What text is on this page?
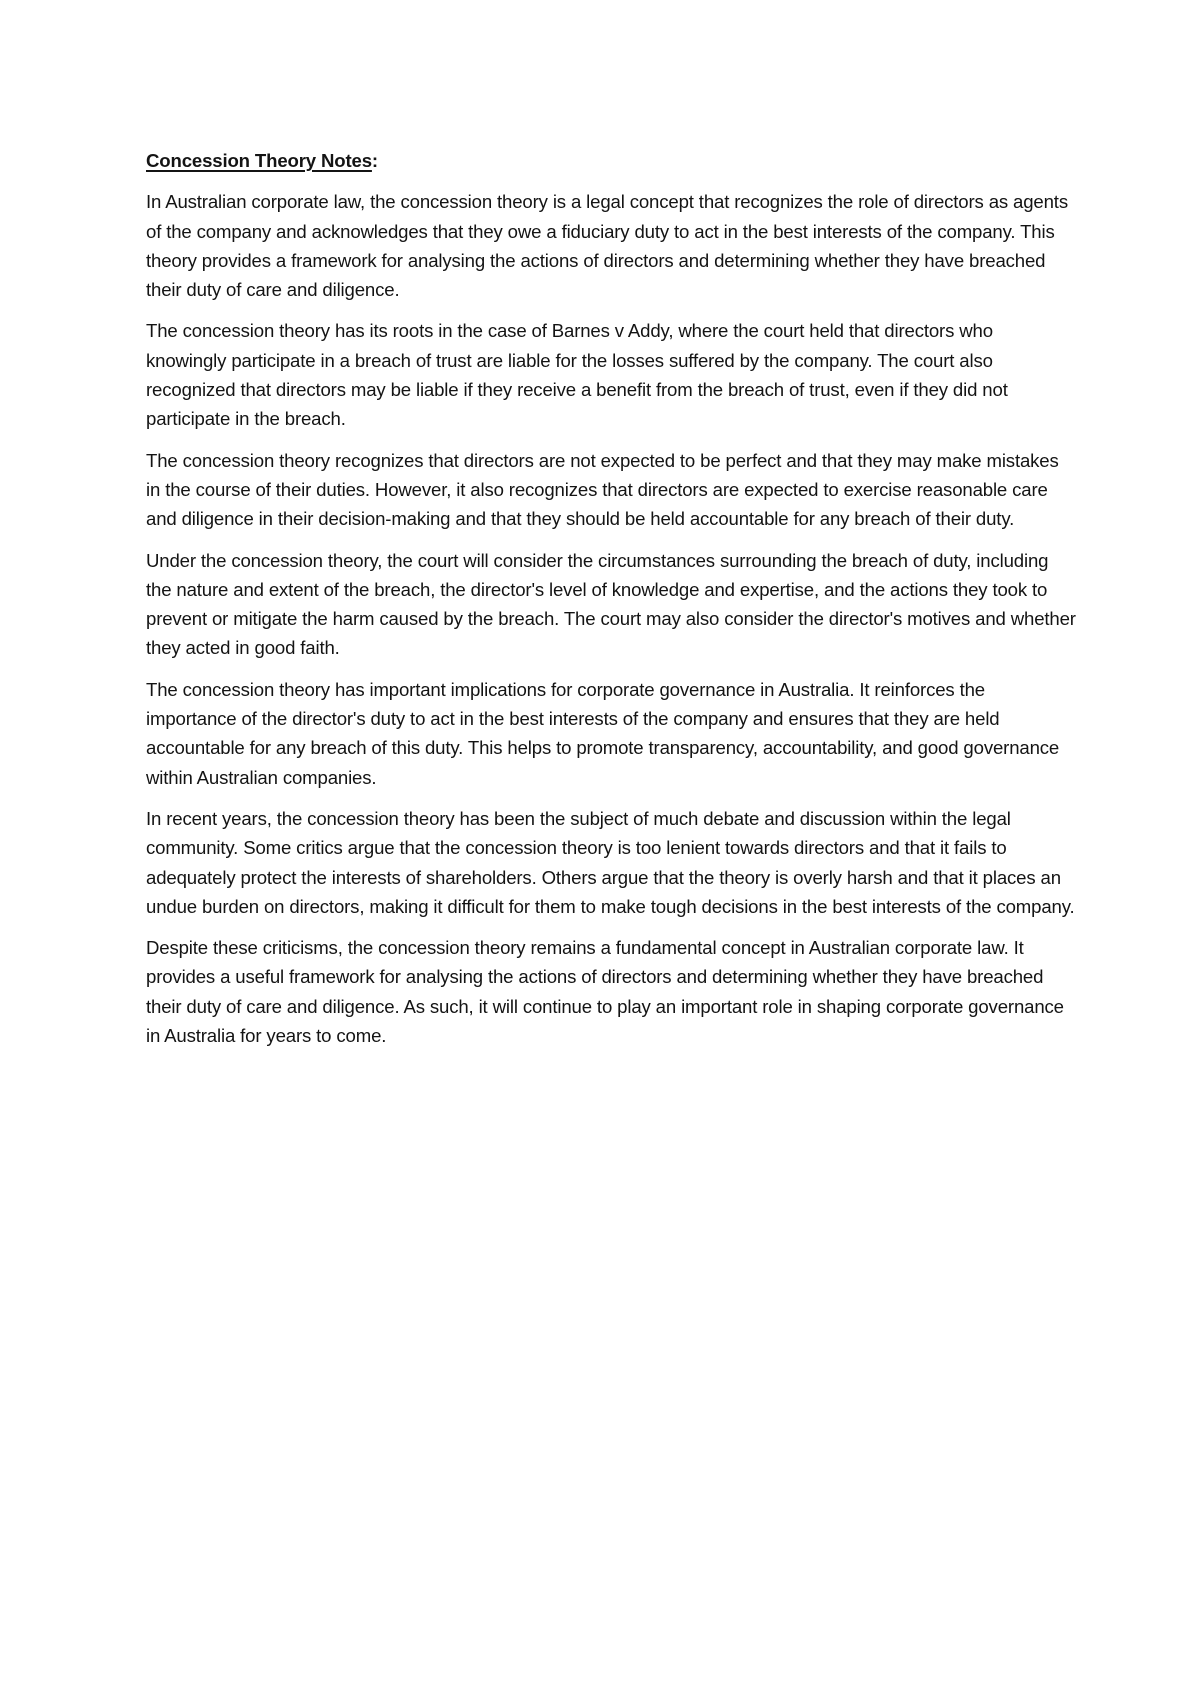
Concession Theory Notes:

In Australian corporate law, the concession theory is a legal concept that recognizes the role of directors as agents of the company and acknowledges that they owe a fiduciary duty to act in the best interests of the company. This theory provides a framework for analysing the actions of directors and determining whether they have breached their duty of care and diligence.

The concession theory has its roots in the case of Barnes v Addy, where the court held that directors who knowingly participate in a breach of trust are liable for the losses suffered by the company. The court also recognized that directors may be liable if they receive a benefit from the breach of trust, even if they did not participate in the breach.

The concession theory recognizes that directors are not expected to be perfect and that they may make mistakes in the course of their duties. However, it also recognizes that directors are expected to exercise reasonable care and diligence in their decision-making and that they should be held accountable for any breach of their duty.

Under the concession theory, the court will consider the circumstances surrounding the breach of duty, including the nature and extent of the breach, the director's level of knowledge and expertise, and the actions they took to prevent or mitigate the harm caused by the breach. The court may also consider the director's motives and whether they acted in good faith.

The concession theory has important implications for corporate governance in Australia. It reinforces the importance of the director's duty to act in the best interests of the company and ensures that they are held accountable for any breach of this duty. This helps to promote transparency, accountability, and good governance within Australian companies.

In recent years, the concession theory has been the subject of much debate and discussion within the legal community. Some critics argue that the concession theory is too lenient towards directors and that it fails to adequately protect the interests of shareholders. Others argue that the theory is overly harsh and that it places an undue burden on directors, making it difficult for them to make tough decisions in the best interests of the company.

Despite these criticisms, the concession theory remains a fundamental concept in Australian corporate law. It provides a useful framework for analysing the actions of directors and determining whether they have breached their duty of care and diligence. As such, it will continue to play an important role in shaping corporate governance in Australia for years to come.
